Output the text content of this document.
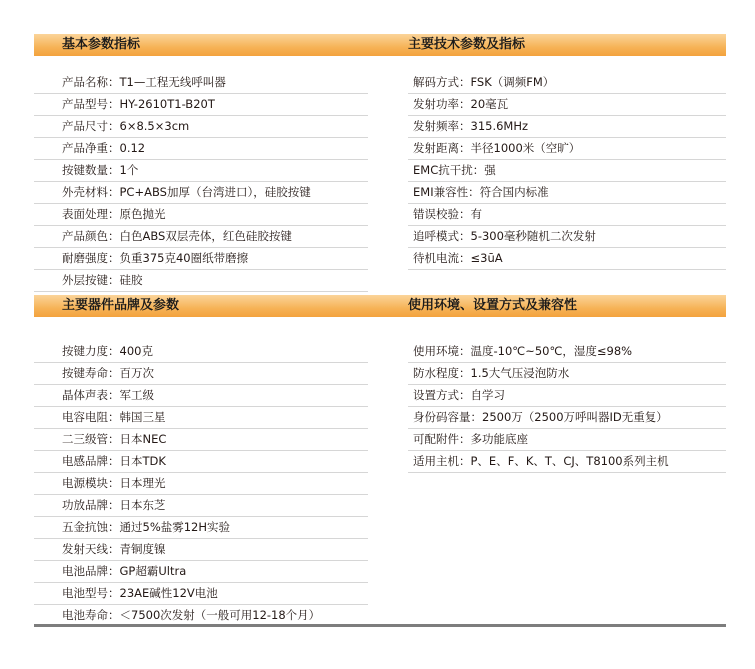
基本参数指标	主要技术参数及指标
产品名称：T1—工程无线呼叫器
产品型号：HY-2610T1-B20T
产品尺寸：6×8.5×3cm
产品净重：0.12
按键数量：1个
外壳材料：PC+ABS加厚（台湾进口），硅胶按键
表面处理：原色抛光
产品颜色：白色ABS双层壳体，红色硅胶按键
耐磨强度：负重375克40圈纸带磨擦
外层按键：硅胶
解码方式：FSK（调频FM）
发射功率：20毫瓦
发射频率：315.6MHz
发射距离：半径1000米（空旷）
EMC抗干扰：强
EMI兼容性：符合国内标准
错误校验：有
追呼模式：5-300毫秒随机二次发射
待机电流：≤3ūA
主要器件品牌及参数	使用环境、设置方式及兼容性
按键力度：400克
按键寿命：百万次
晶体声表：军工级
电容电阻：韩国三星
二三级管：日本NEC
电感品牌：日本TDK
电源模块：日本理光
功放品牌：日本东芝
五金抗蚀：通过5%盐雾12H实验
发射天线：青铜度镍
电池品牌：GP超霸Ultra
电池型号：23AE碱性12V电池
电池寿命：＜7500次发射（一般可用12-18个月）
使用环境：温度-10℃~50℃，湿度≤98%
防水程度：1.5大气压浸泡防水
设置方式：自学习
身份码容量：2500万（2500万呼叫器ID无重复）
可配附件：多功能底座
适用主机：P、E、F、K、T、CJ、T8100系列主机
